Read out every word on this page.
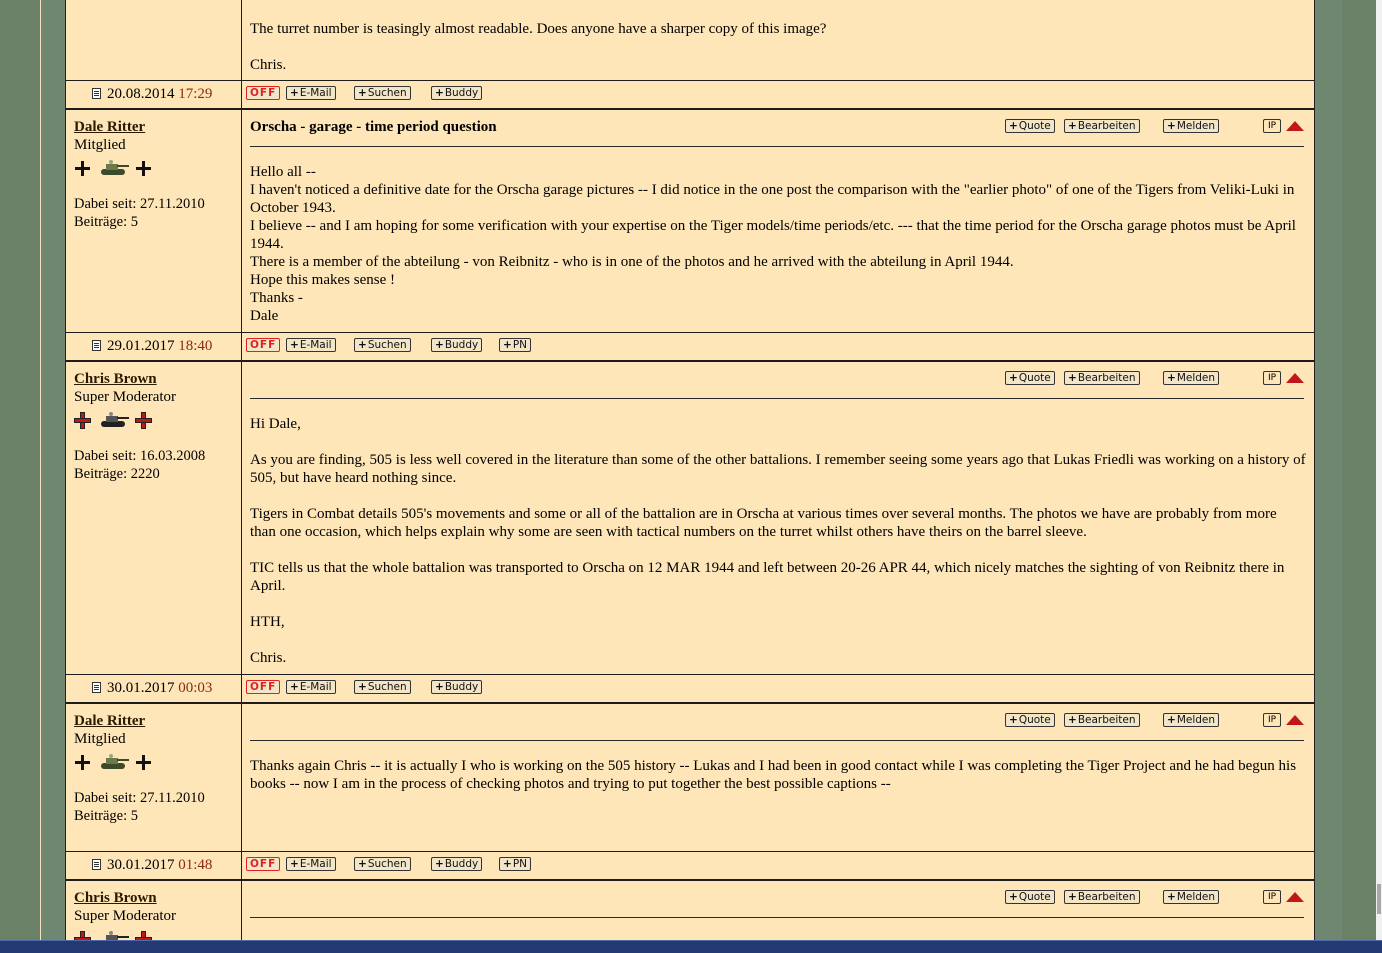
The turret number is teasingly almost readable. Does anyone have a sharper copy of this image?

Chris.

20.08.2014 17:29	OFF	+E-Mail	+Suchen	+Buddy
Dale Ritter
Mitglied
Dabei seit: 27.11.2010
Beiträge: 5
Orscha - garage - time period question	+Quote	+Bearbeiten	+Melden	IP
Hello all --
I haven't noticed a definitive date for the Orscha garage pictures -- I did notice in the one post the comparison with the "earlier photo" of one of the Tigers from Veliki-Luki in October 1943.
I believe -- and I am hoping for some verification with your expertise on the Tiger models/time periods/etc. --- that the time period for the Orscha garage photos must be April 1944.
There is a member of the abteilung - von Reibnitz - who is in one of the photos and he arrived with the abteilung in April 1944.
Hope this makes sense !
Thanks -
Dale
29.01.2017 18:40	OFF	+E-Mail	+Suchen	+Buddy	+PN
Chris Brown
Super Moderator
Dabei seit: 16.03.2008
Beiträge: 2220
+Quote	+Bearbeiten	+Melden	IP

Hi Dale,

As you are finding, 505 is less well covered in the literature than some of the other battalions. I remember seeing some years ago that Lukas Friedli was working on a history of 505, but have heard nothing since.

Tigers in Combat details 505's movements and some or all of the battalion are in Orscha at various times over several months. The photos we have are probably from more than one occasion, which helps explain why some are seen with tactical numbers on the turret whilst others have theirs on the barrel sleeve.

TIC tells us that the whole battalion was transported to Orscha on 12 MAR 1944 and left between 20-26 APR 44, which nicely matches the sighting of von Reibnitz there in April.

HTH,

Chris.

30.01.2017 00:03	OFF	+E-Mail	+Suchen	+Buddy
Dale Ritter
Mitglied
Dabei seit: 27.11.2010
Beiträge: 5
+Quote	+Bearbeiten	+Melden	IP

Thanks again Chris -- it is actually I who is working on the 505 history -- Lukas and I had been in good contact while I was completing the Tiger Project and he had begun his books -- now I am in the process of checking photos and trying to put together the best possible captions --

30.01.2017 01:48	OFF	+E-Mail	+Suchen	+Buddy	+PN
Chris Brown
Super Moderator
+Quote	+Bearbeiten	+Melden	IP
